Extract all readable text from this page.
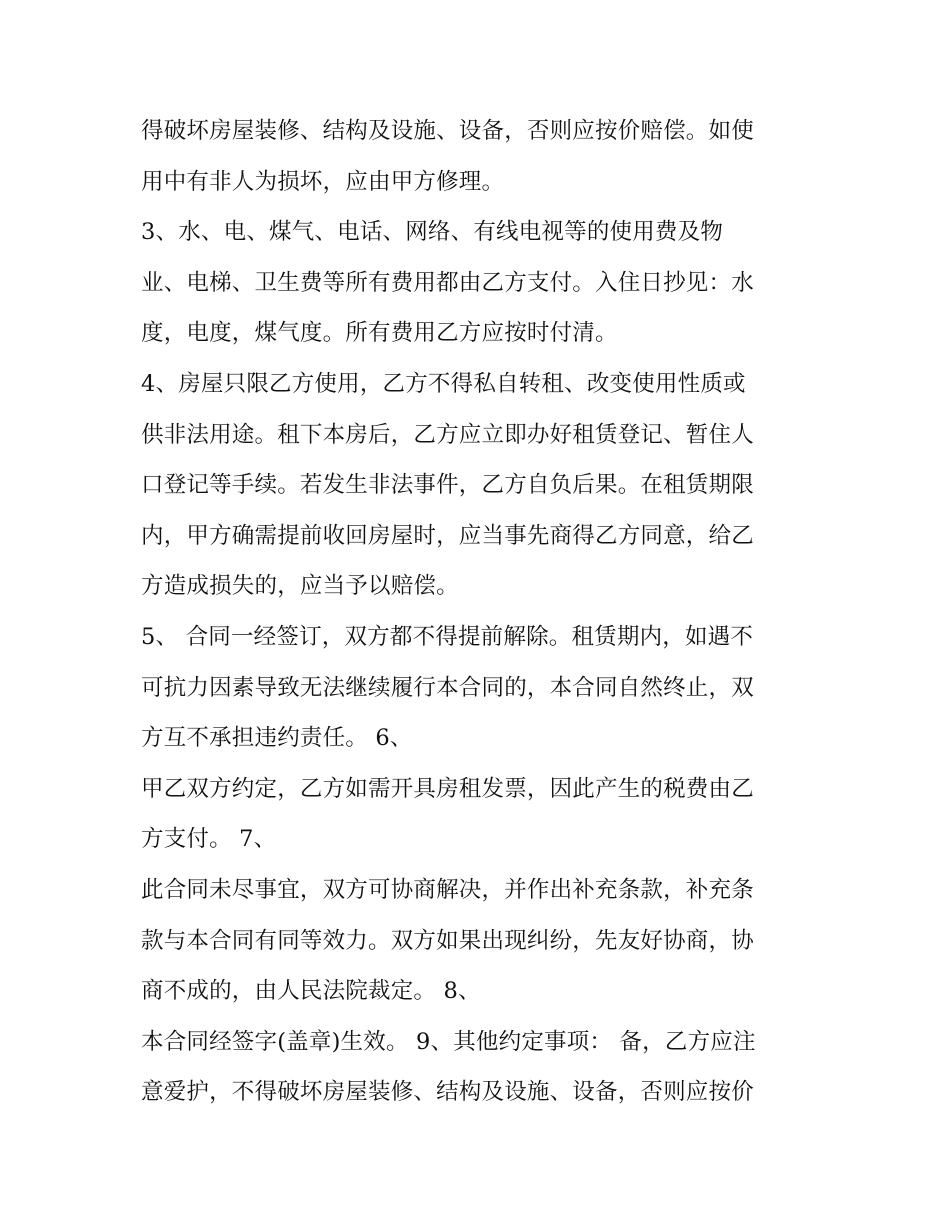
得破坏房屋装修、结构及设施、设备，否则应按价赔偿。如使
用中有非人为损坏，应由甲方修理。
3、水、电、煤气、电话、网络、有线电视等的使用费及物
业、电梯、卫生费等所有费用都由乙方支付。入住日抄见：水
度，电度，煤气度。所有费用乙方应按时付清。
4、房屋只限乙方使用，乙方不得私自转租、改变使用性质或
供非法用途。租下本房后，乙方应立即办好租赁登记、暂住人
口登记等手续。若发生非法事件，乙方自负后果。在租赁期限
内，甲方确需提前收回房屋时，应当事先商得乙方同意，给乙
方造成损失的，应当予以赔偿。
5、 合同一经签订，双方都不得提前解除。租赁期内，如遇不
可抗力因素导致无法继续履行本合同的，本合同自然终止，双
方互不承担违约责任。 6、
甲乙双方约定，乙方如需开具房租发票，因此产生的税费由乙
方支付。 7、
此合同未尽事宜，双方可协商解决，并作出补充条款，补充条
款与本合同有同等效力。双方如果出现纠纷，先友好协商，协
商不成的，由人民法院裁定。 8、
本合同经签字(盖章)生效。 9、其他约定事项： 备，乙方应注
意爱护，不得破坏房屋装修、结构及设施、设备，否则应按价
